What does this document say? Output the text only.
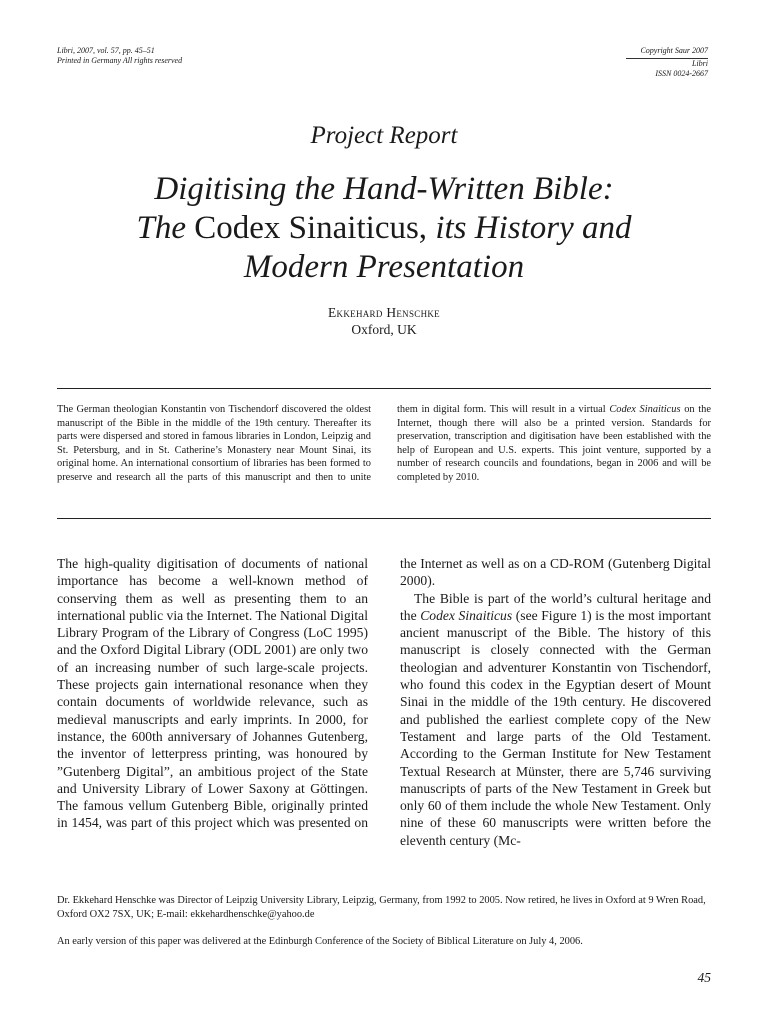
Libri, 2007, vol. 57, pp. 45–51
Printed in Germany All rights reserved
Copyright Saur 2007
Libri
ISSN 0024-2667
Project Report
Digitising the Hand-Written Bible:
The Codex Sinaiticus, its History and
Modern Presentation
Ekkehard Henschke
Oxford, UK

The German theologian Konstantin von Tischendorf discovered the oldest manuscript of the Bible in the middle of the 19th century. Thereafter its parts were dispersed and stored in famous libraries in London, Leipzig and St. Petersburg, and in St. Catherine’s Monastery near Mount Sinai, its original home. An international consortium of libraries has been formed to preserve and research all the parts of this manuscript and then to unite them in digital form. This will result in a virtual Codex Sinaiticus on the Internet, though there will also be a printed version. Standards for preservation, transcription and digitisation have been established with the help of European and U.S. experts. This joint venture, supported by a number of research councils and foundations, began in 2006 and will be completed by 2010.

The high-quality digitisation of documents of national importance has become a well-known method of conserving them as well as presenting them to an international public via the Internet. The National Digital Library Program of the Library of Congress (LoC 1995) and the Oxford Digital Library (ODL 2001) are only two of an increasing number of such large-scale projects. These projects gain international resonance when they contain documents of worldwide relevance, such as medieval manuscripts and early imprints. In 2000, for instance, the 600th anniversary of Johannes Gutenberg, the inventor of letterpress printing, was honoured by ”Gutenberg Digital”, an ambitious project of the State and University Library of Lower Saxony at Göttingen. The famous vellum Gutenberg Bible, originally printed in 1454, was part of this project which was presented on the Internet as well as on a CD-ROM (Gutenberg Digital 2000).

The Bible is part of the world’s cultural heritage and the Codex Sinaiticus (see Figure 1) is the most important ancient manuscript of the Bible. The history of this manuscript is closely connected with the German theologian and adventurer Konstantin von Tischendorf, who found this codex in the Egyptian desert of Mount Sinai in the middle of the 19th century. He discovered and published the earliest complete copy of the New Testament and large parts of the Old Testament. According to the German Institute for New Testament Textual Research at Münster, there are 5,746 surviving manuscripts of parts of the New Testament in Greek but only 60 of them include the whole New Testament. Only nine of these 60 manuscripts were written before the eleventh century (Mc-

Dr. Ekkehard Henschke was Director of Leipzig University Library, Leipzig, Germany, from 1992 to 2005. Now retired, he lives in Oxford at 9 Wren Road, Oxford OX2 7SX, UK; E-mail: ekkehardhenschke@yahoo.de
An early version of this paper was delivered at the Edinburgh Conference of the Society of Biblical Literature on July 4, 2006.
45
